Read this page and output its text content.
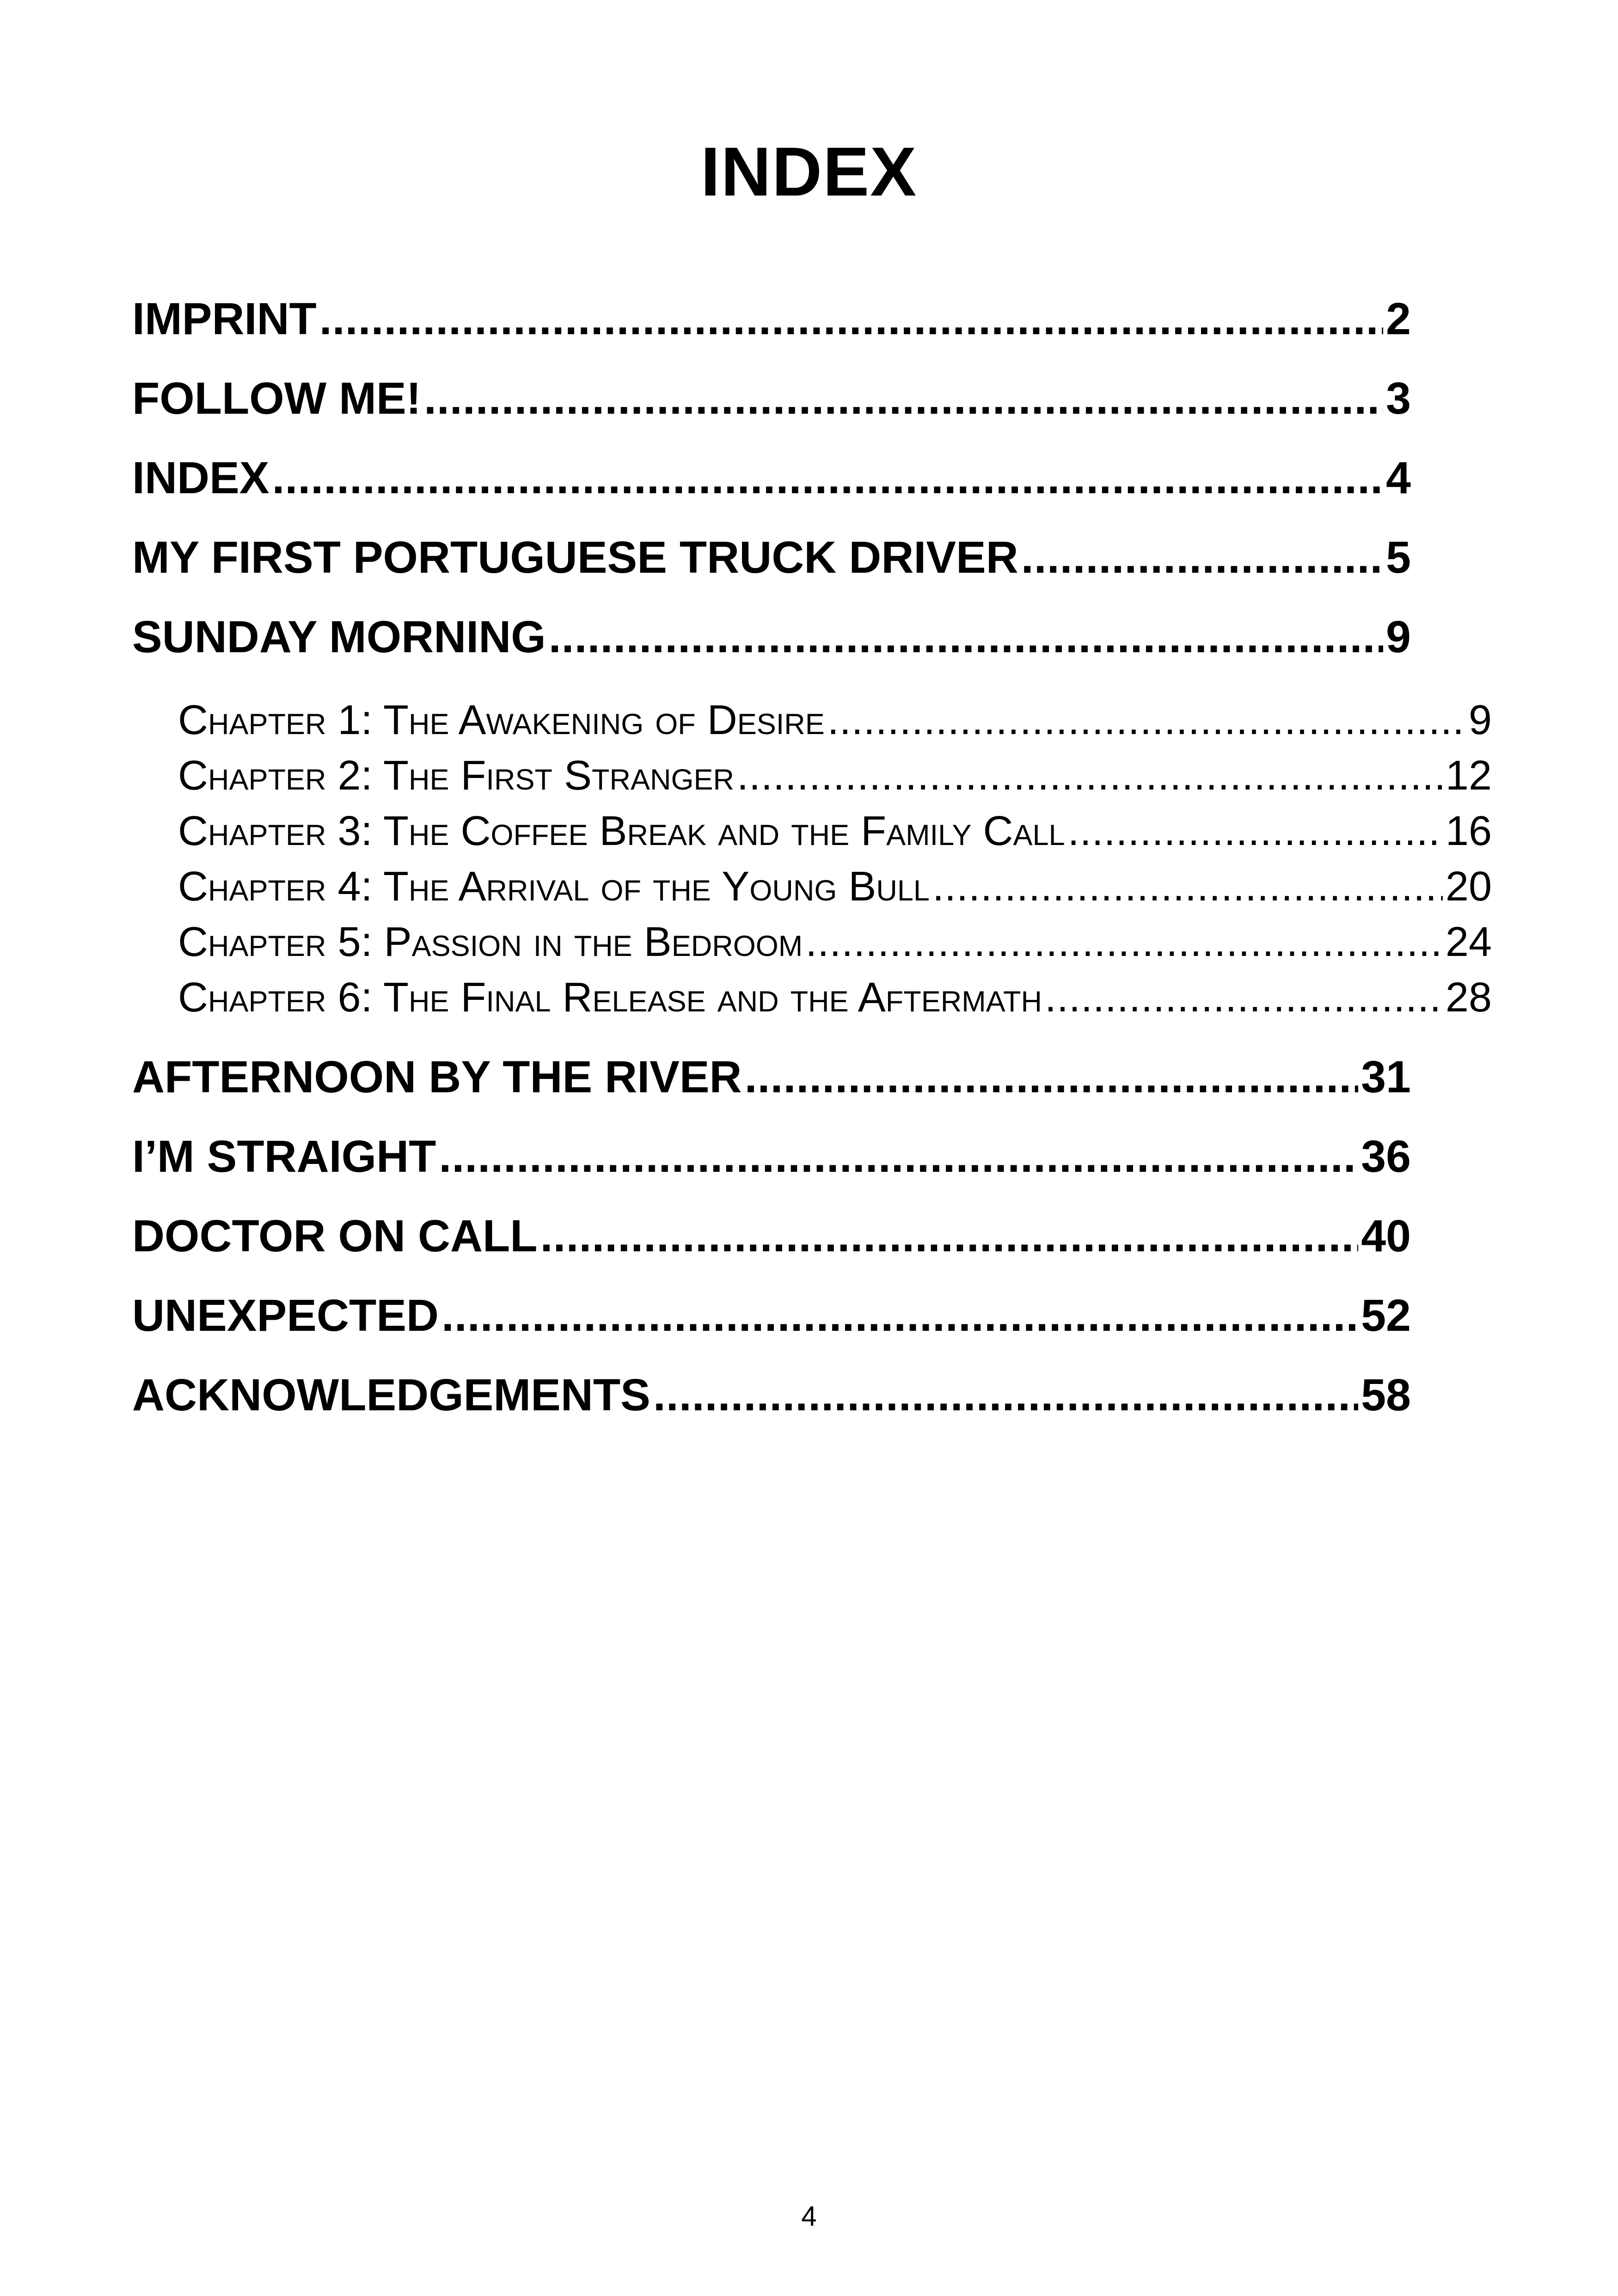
INDEX
IMPRINT .....	2
FOLLOW ME! .....	3
INDEX .....	4
MY FIRST PORTUGUESE TRUCK DRIVER .....	5
SUNDAY MORNING .....	9
Chapter 1: The Awakening of Desire .....	9
Chapter 2: The First Stranger .....	12
Chapter 3: The Coffee Break and the Family Call .....	16
Chapter 4: The Arrival of the Young Bull .....	20
Chapter 5: Passion in the Bedroom .....	24
Chapter 6: The Final Release and the Aftermath .....	28
AFTERNOON BY THE RIVER .....	31
I’M STRAIGHT .....	36
DOCTOR ON CALL .....	40
UNEXPECTED .....	52
ACKNOWLEDGEMENTS .....	58
4
